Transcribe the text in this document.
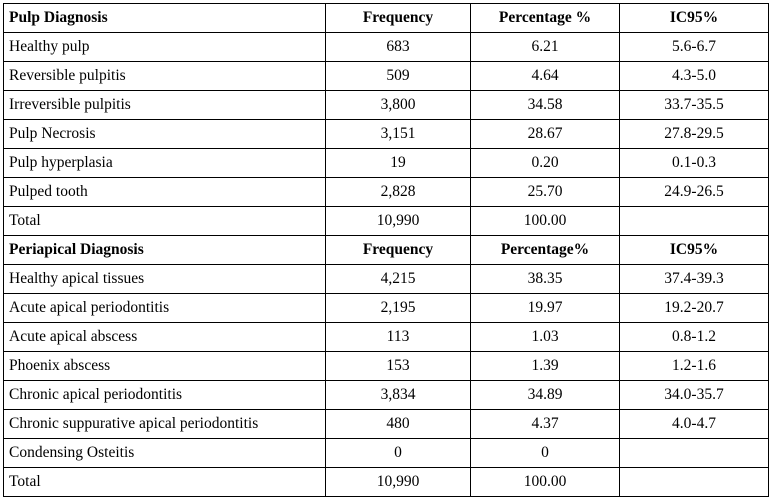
Pulp Diagnosis	Frequency	Percentage %	IC95%
Healthy pulp	683	6.21	5.6-6.7
Reversible pulpitis	509	4.64	4.3-5.0
Irreversible pulpitis	3,800	34.58	33.7-35.5
Pulp Necrosis	3,151	28.67	27.8-29.5
Pulp hyperplasia	19	0.20	0.1-0.3
Pulped tooth	2,828	25.70	24.9-26.5
Total	10,990	100.00	
Periapical Diagnosis	Frequency	Percentage%	IC95%
Healthy apical tissues	4,215	38.35	37.4-39.3
Acute apical periodontitis	2,195	19.97	19.2-20.7
Acute apical abscess	113	1.03	0.8-1.2
Phoenix abscess	153	1.39	1.2-1.6
Chronic apical periodontitis	3,834	34.89	34.0-35.7
Chronic suppurative apical periodontitis	480	4.37	4.0-4.7
Condensing Osteitis	0	0	
Total	10,990	100.00	
